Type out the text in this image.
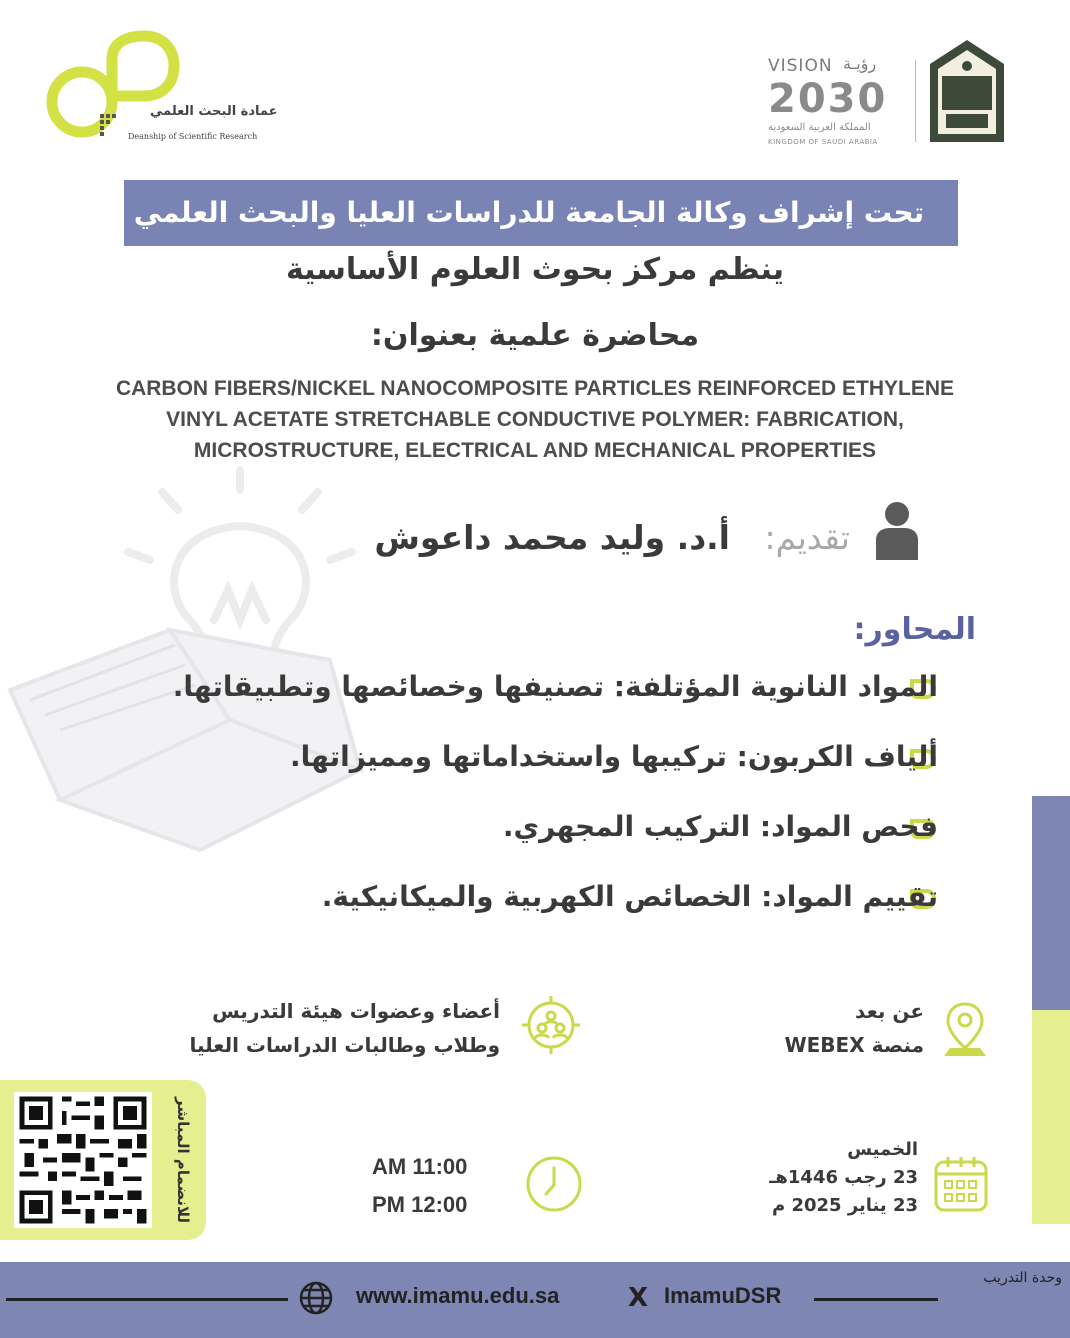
عمادة البحث العلمي
Deanship of Scientific Research
VISION رؤيـة
2030
المملكة العربية السعودية
KINGDOM OF SAUDI ARABIA
تحت إشراف وكالة الجامعة للدراسات العليا والبحث العلمي
ينظم مركز بحوث العلوم الأساسية
محاضرة علمية بعنوان:
CARBON FIBERS/NICKEL NANOCOMPOSITE PARTICLES REINFORCED ETHYLENE
VINYL ACETATE STRETCHABLE CONDUCTIVE POLYMER: FABRICATION,
MICROSTRUCTURE, ELECTRICAL AND MECHANICAL PROPERTIES
تقديم:
أ.د. وليد محمد داعوش
المحاور:
المواد النانوية المؤتلفة: تصنيفها وخصائصها وتطبيقاتها.
ألياف الكربون: تركيبها واستخداماتها ومميزاتها.
فحص المواد: التركيب المجهري.
تقييم المواد: الخصائص الكهربية والميكانيكية.
أعضاء وعضوات هيئة التدريس
وطلاب وطالبات الدراسات العليا
عن بعد
منصة WEBEX
للانضمام المباشر	AM 11:00
PM 12:00
الخميس
23 رجب 1446هـ
23 يناير 2025 م
www.imamu.edu.sa	X ImamuDSR
وحدة التدريب
